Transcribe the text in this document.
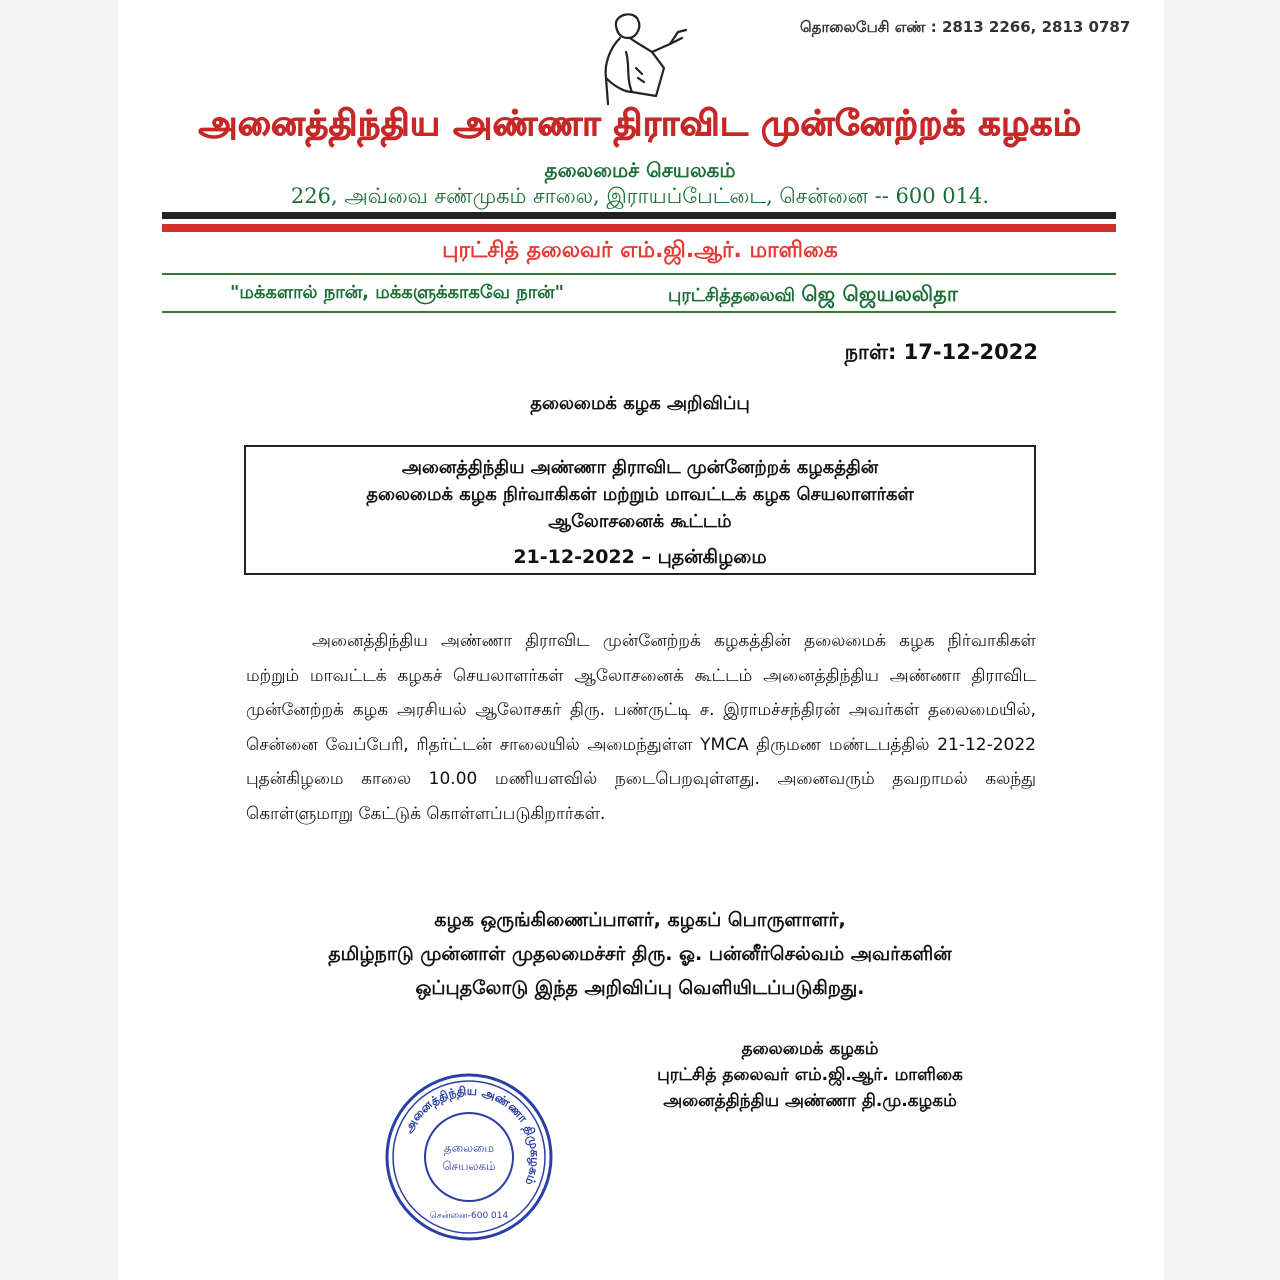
தொலைபேசி எண் : 2813 2266, 2813 0787
அனைத்திந்திய அண்ணா திராவிட முன்னேற்றக் கழகம்
தலைமைச் செயலகம்
226, அவ்வை சண்முகம் சாலை, இராயப்பேட்டை, சென்னை -- 600 014.
புரட்சித் தலைவர் எம்.ஜி.ஆர். மாளிகை
"மக்களால் நான், மக்களுக்காகவே நான்"	புரட்சித்தலைவி ஜெ ஜெயலலிதா
நாள்: 17-12-2022
தலைமைக் கழக அறிவிப்பு
அனைத்திந்திய அண்ணா திராவிட முன்னேற்றக் கழகத்தின்
தலைமைக் கழக நிர்வாகிகள் மற்றும் மாவட்டக் கழக செயலாளர்கள்
ஆலோசனைக் கூட்டம்
21-12-2022 – புதன்கிழமை
அனைத்திந்திய அண்ணா திராவிட முன்னேற்றக் கழகத்தின் தலைமைக் கழக நிர்வாகிகள் மற்றும் மாவட்டக் கழகச் செயலாளர்கள் ஆலோசனைக் கூட்டம் அனைத்திந்திய அண்ணா திராவிட முன்னேற்றக் கழக அரசியல் ஆலோசகர் திரு. பண்ருட்டி ச. இராமச்சந்திரன் அவர்கள் தலைமையில், சென்னை வேப்பேரி, ரிதர்ட்டன் சாலையில் அமைந்துள்ள YMCA திருமண மண்டபத்தில் 21-12-2022 புதன்கிழமை காலை 10.00 மணியளவில் நடைபெறவுள்ளது. அனைவரும் தவறாமல் கலந்து கொள்ளுமாறு கேட்டுக் கொள்ளப்படுகிறார்கள்.
கழக ஒருங்கிணைப்பாளர், கழகப் பொருளாளர்,
தமிழ்நாடு முன்னாள் முதலமைச்சர் திரு. ஓ. பன்னீர்செல்வம் அவர்களின்
ஒப்புதலோடு இந்த அறிவிப்பு வெளியிடப்படுகிறது.
தலைமைக் கழகம்
புரட்சித் தலைவர் எம்.ஜி.ஆர். மாளிகை
அனைத்திந்திய அண்ணா தி.மு.கழகம்
அனைத்திந்திய அண்ணா திமுகழகம்
தலைமை
செயலகம்
சென்னை-600 014
